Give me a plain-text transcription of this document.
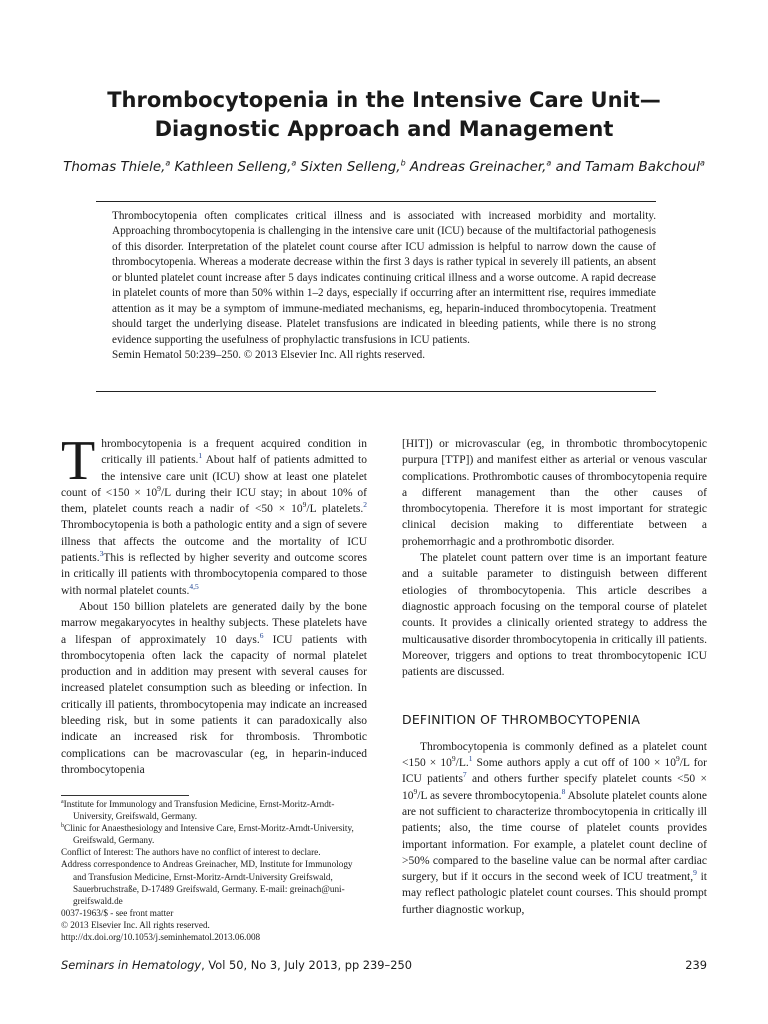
Thrombocytopenia in the Intensive Care Unit—
Diagnostic Approach and Management
Thomas Thiele,$^a$ Kathleen Selleng,$^a$ Sixten Selleng,$^b$ Andreas Greinacher,$^a$ and Tamam Bakchoul$^a$

Thrombocytopenia often complicates critical illness and is associated with increased morbidity and mortality. Approaching thrombocytopenia is challenging in the intensive care unit (ICU) because of the multifactorial pathogenesis of this disorder. Interpretation of the platelet count course after ICU admission is helpful to narrow down the cause of thrombocytopenia. Whereas a moderate decrease within the first 3 days is rather typical in severely ill patients, an absent or blunted platelet count increase after 5 days indicates continuing critical illness and a worse outcome. A rapid decrease in platelet counts of more than 50% within 1–2 days, especially if occurring after an intermittent rise, requires immediate attention as it may be a symptom of immune-mediated mechanisms, eg, heparin-induced thrombocytopenia. Treatment should target the underlying disease. Platelet transfusions are indicated in bleeding patients, while there is no strong evidence supporting the usefulness of prophylactic transfusions in ICU patients.

Semin Hematol 50:239–250. © 2013 Elsevier Inc. All rights reserved.

Thrombocytopenia is a frequent acquired condition in critically ill patients.$^1$ About half of patients admitted to the intensive care unit (ICU) show at least one platelet count of $<150 \times 10^9/L$ during their ICU stay; in about 10% of them, platelet counts reach a nadir of $<50 \times 10^9/L$ platelets.$^2$ Thrombocytopenia is both a pathologic entity and a sign of severe illness that affects the outcome and the mortality of ICU patients.$^3$This is reflected by higher severity and outcome scores in critically ill patients with thrombocytopenia compared to those with normal platelet counts.$^{4,5}$

About 150 billion platelets are generated daily by the bone marrow megakaryocytes in healthy subjects. These platelets have a lifespan of approximately 10 days.$^6$ ICU patients with thrombocytopenia often lack the capacity of normal platelet production and in addition may present with several causes for increased platelet consumption such as bleeding or infection. In critically ill patients, thrombocytopenia may indicate an increased bleeding risk, but in some patients it can paradoxically also indicate an increased risk for thrombosis. Thrombotic complications can be macrovascular (eg, in heparin-induced thrombocytopenia

[HIT]) or microvascular (eg, in thrombotic thrombocytopenic purpura [TTP]) and manifest either as arterial or venous vascular complications. Prothrombotic causes of thrombocytopenia require a different management than the other causes of thrombocytopenia. Therefore it is most important for strategic clinical decision making to differentiate between a prohemorrhagic and a prothrombotic disorder.

The platelet count pattern over time is an important feature and a suitable parameter to distinguish between different etiologies of thrombocytopenia. This article describes a diagnostic approach focusing on the temporal course of platelet counts. It provides a clinically oriented strategy to address the multicausative disorder thrombocytopenia in critically ill patients. Moreover, triggers and options to treat thrombocytopenic ICU patients are discussed.

DEFINITION OF THROMBOCYTOPENIA

Thrombocytopenia is commonly defined as a platelet count $<150 \times 10^9/L.^1$ Some authors apply a cut off of $100 \times 10^9/L$ for ICU patients$^7$ and others further specify platelet counts $<50 \times 10^9/L$ as severe thrombocytopenia.$^8$ Absolute platelet counts alone are not sufficient to characterize thrombocytopenia in critically ill patients; also, the time course of platelet counts provides important information. For example, a platelet count decline of >50% compared to the baseline value can be normal after cardiac surgery, but if it occurs in the second week of ICU treatment,$^9$ it may reflect pathologic platelet count courses. This should prompt further diagnostic workup,

$^a$Institute for Immunology and Transfusion Medicine, Ernst-Moritz-Arndt-University, Greifswald, Germany.

$^b$Clinic for Anaesthesiology and Intensive Care, Ernst-Moritz-Arndt-University, Greifswald, Germany.

Conflict of Interest: The authors have no conflict of interest to declare.

Address correspondence to Andreas Greinacher, MD, Institute for Immunology and Transfusion Medicine, Ernst-Moritz-Arndt-University Greifswald, Sauerbruchstraße, D-17489 Greifswald, Germany. E-mail: greinach@uni-greifswald.de

0037-1963/$ - see front matter

© 2013 Elsevier Inc. All rights reserved.

http://dx.doi.org/10.1053/j.seminhematol.2013.06.008

Seminars in Hematology, Vol 50, No 3, July 2013, pp 239–250	239
